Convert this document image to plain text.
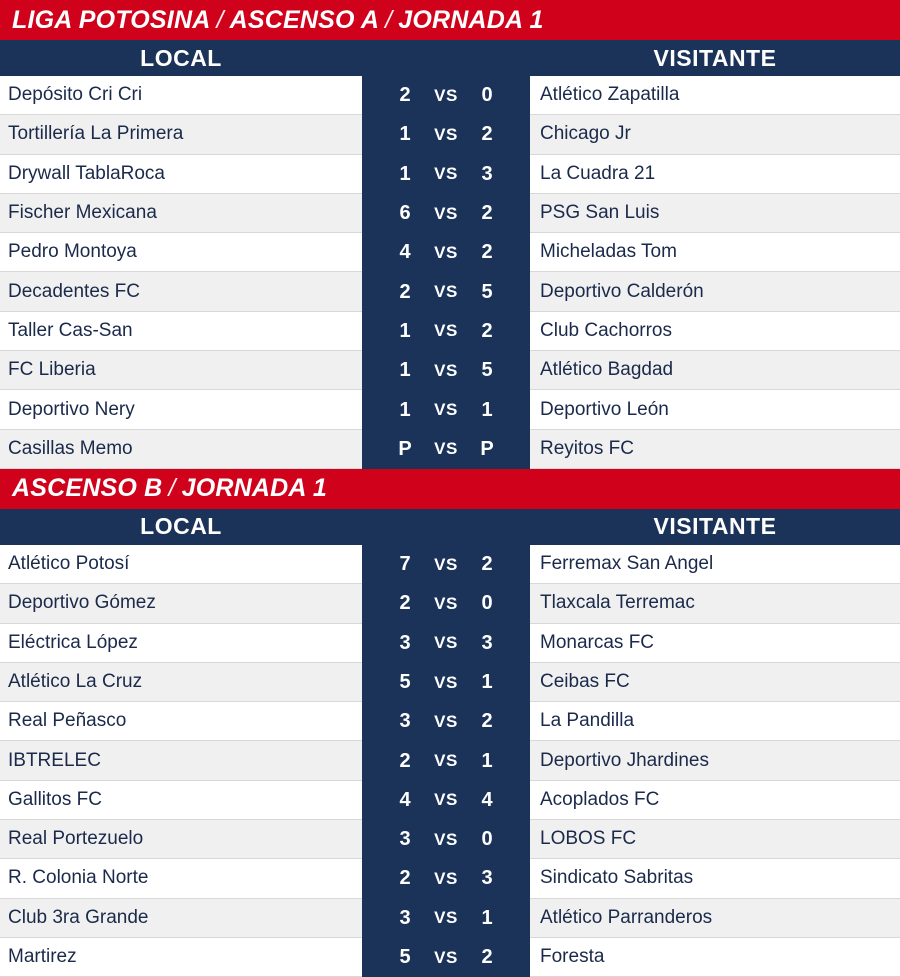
LIGA POTOSINA / ASCENSO A / JORNADA 1
LOCAL	VISITANTE
Depósito Cri Cri	2	VS	0	Atlético Zapatilla
Tortillería La Primera	1	VS	2	Chicago Jr
Drywall TablaRoca	1	VS	3	La Cuadra 21
Fischer Mexicana	6	VS	2	PSG San Luis
Pedro Montoya	4	VS	2	Micheladas Tom
Decadentes FC	2	VS	5	Deportivo Calderón
Taller Cas-San	1	VS	2	Club Cachorros
FC Liberia	1	VS	5	Atlético Bagdad
Deportivo Nery	1	VS	1	Deportivo León
Casillas Memo	P	VS	P	Reyitos FC
ASCENSO B / JORNADA 1
LOCAL	VISITANTE
Atlético Potosí	7	VS	2	Ferremax San Angel
Deportivo Gómez	2	VS	0	Tlaxcala Terremac
Eléctrica López	3	VS	3	Monarcas FC
Atlético La Cruz	5	VS	1	Ceibas FC
Real Peñasco	3	VS	2	La Pandilla
IBTRELEC	2	VS	1	Deportivo Jhardines
Gallitos FC	4	VS	4	Acoplados FC
Real Portezuelo	3	VS	0	LOBOS FC
R. Colonia Norte	2	VS	3	Sindicato Sabritas
Club 3ra Grande	3	VS	1	Atlético Parranderos
Martirez	5	VS	2	Foresta
